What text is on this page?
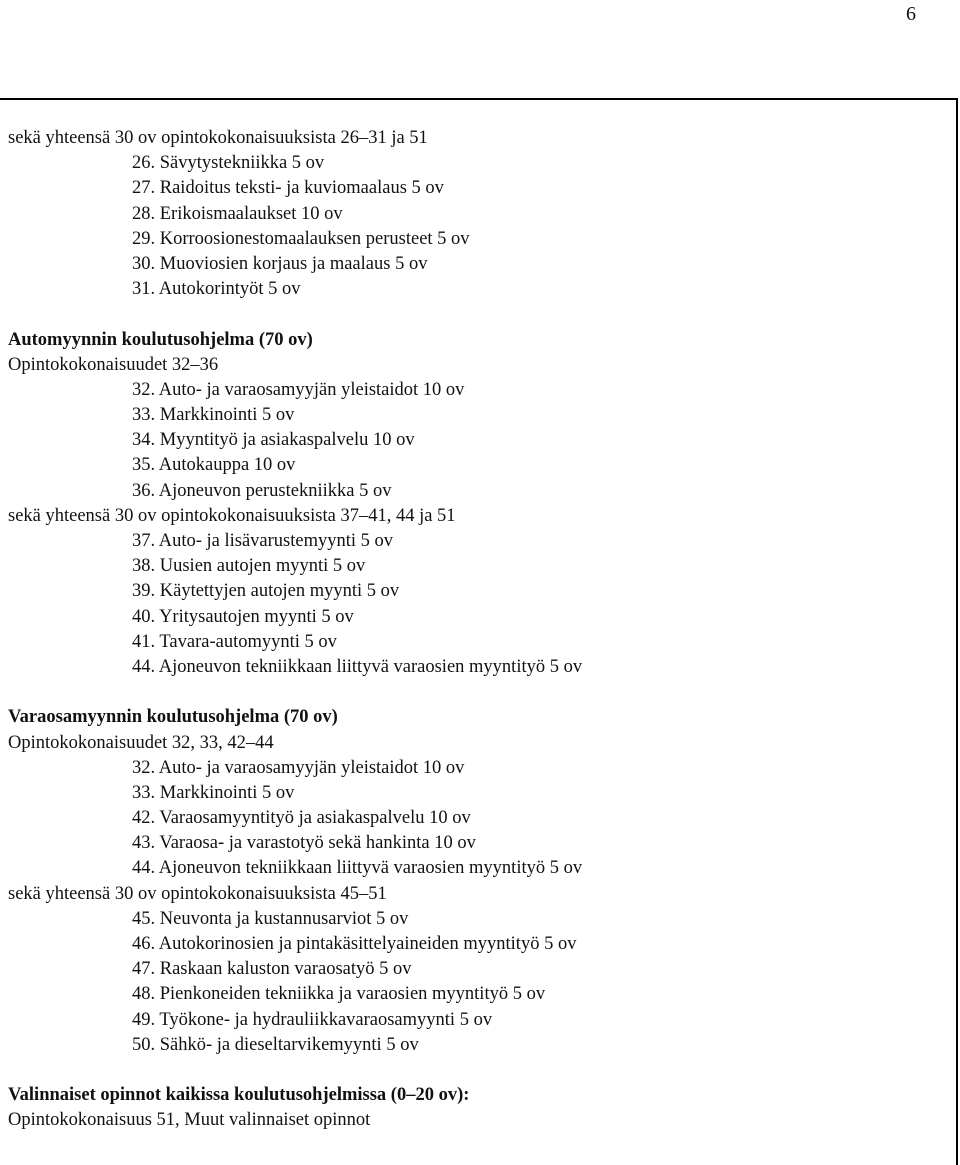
6
sekä yhteensä 30 ov opintokokonaisuuksista 26–31 ja 51
26. Sävytystekniikka 5 ov
27. Raidoitus teksti- ja kuviomaalaus 5 ov
28. Erikoismaalaukset 10 ov
29. Korroosionestomaalauksen perusteet 5 ov
30. Muoviosien korjaus ja maalaus 5 ov
31. Autokorintyöt 5 ov
Automyynnin koulutusohjelma (70 ov)
Opintokokonaisuudet 32–36
32. Auto- ja varaosamyyjän yleistaidot 10 ov
33. Markkinointi 5 ov
34. Myyntityö ja asiakaspalvelu 10 ov
35. Autokauppa 10 ov
36. Ajoneuvon perustekniikka 5 ov
sekä yhteensä 30 ov opintokokonaisuuksista 37–41, 44 ja 51
37. Auto- ja lisävarustemyynti 5 ov
38. Uusien autojen myynti 5 ov
39. Käytettyjen autojen myynti 5 ov
40. Yritysautojen myynti 5 ov
41. Tavara-automyynti 5 ov
44. Ajoneuvon tekniikkaan liittyvä varaosien myyntityö 5 ov
Varaosamyynnin koulutusohjelma (70 ov)
Opintokokonaisuudet 32, 33, 42–44
32. Auto- ja varaosamyyjän yleistaidot 10 ov
33. Markkinointi 5 ov
42. Varaosamyyntityö ja asiakaspalvelu 10 ov
43. Varaosa- ja varastotyö sekä hankinta 10 ov
44. Ajoneuvon tekniikkaan liittyvä varaosien myyntityö 5 ov
sekä yhteensä 30 ov opintokokonaisuuksista 45–51
45. Neuvonta ja kustannusarviot 5 ov
46. Autokorinosien ja pintakäsittelyaineiden myyntityö 5 ov
47. Raskaan kaluston varaosatyö 5 ov
48. Pienkoneiden tekniikka ja varaosien myyntityö 5 ov
49. Työkone- ja hydrauliikkavaraosamyynti 5 ov
50. Sähkö- ja dieseltarvikemyynti 5 ov
Valinnaiset opinnot kaikissa koulutusohjelmissa (0–20 ov):
Opintokokonaisuus 51, Muut valinnaiset opinnot
